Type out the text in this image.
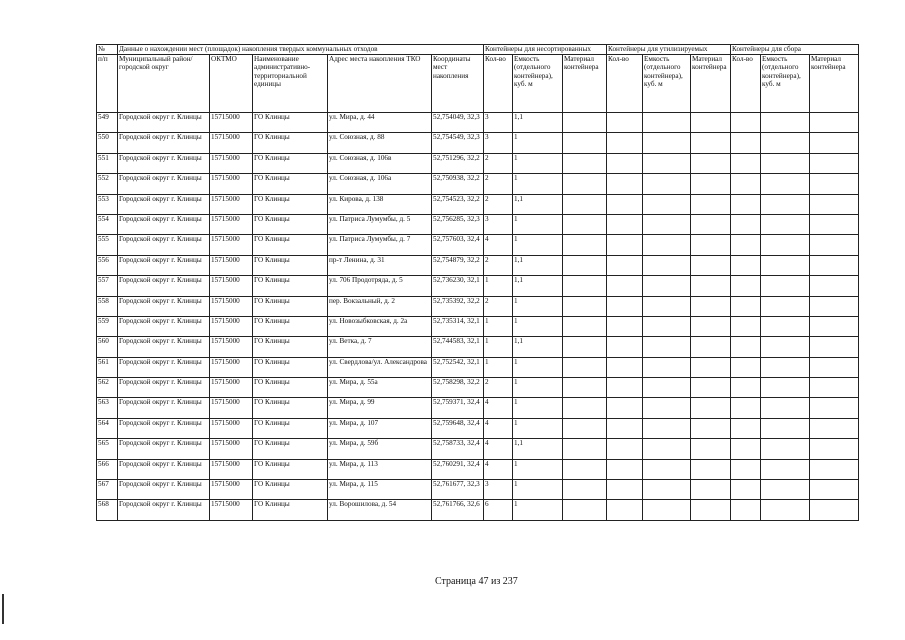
№	Данные о нахождении мест (площадок) накопления твердых коммунальных отходов					Контейнеры для несортированных			Контейнеры для утилизируемых			Контейнеры для сбора		
п/п	Муниципальный район/городской округ	ОКТМО	Наименование административно-территориальной единицы	Адрес места накопления ТКО	Координаты мест накопления	Кол-во	Емкость (отдельного контейнера), куб. м	Материал контейнера	Кол-во	Емкость (отдельного контейнера), куб. м	Материал контейнера	Кол-во	Емкость (отдельного контейнера), куб. м	Материал контейнера
549	Городской округ г. Клинцы	15715000	ГО Клинцы	ул. Мира, д. 44	52,754049, 32,3	3	1,1							
550	Городской округ г. Клинцы	15715000	ГО Клинцы	ул. Союзная, д. 88	52,754549, 32,3	3	1							
551	Городской округ г. Клинцы	15715000	ГО Клинцы	ул. Союзная, д. 106в	52,751296, 32,2	2	1							
552	Городской округ г. Клинцы	15715000	ГО Клинцы	ул. Союзная, д. 106а	52,750938, 32,2	2	1							
553	Городской округ г. Клинцы	15715000	ГО Клинцы	ул. Кирова, д. 138	52,754523, 32,2	2	1,1							
554	Городской округ г. Клинцы	15715000	ГО Клинцы	ул. Патриса Лумумбы, д. 5	52,756285, 32,3	3	1							
555	Городской округ г. Клинцы	15715000	ГО Клинцы	ул. Патриса Лумумбы, д. 7	52,757603, 32,4	4	1							
556	Городской округ г. Клинцы	15715000	ГО Клинцы	пр-т Ленина, д. 31	52,754879, 32,2	2	1,1							
557	Городской округ г. Клинцы	15715000	ГО Клинцы	ул. 706 Продотряда, д. 5	52,736230, 32,1	1	1,1							
558	Городской округ г. Клинцы	15715000	ГО Клинцы	пер. Вокзальный, д. 2	52,735392, 32,2	2	1							
559	Городской округ г. Клинцы	15715000	ГО Клинцы	ул. Новозыбковская, д. 2а	52,735314, 32,1	1	1							
560	Городской округ г. Клинцы	15715000	ГО Клинцы	ул. Ветка, д. 7	52,744583, 32,1	1	1,1							
561	Городской округ г. Клинцы	15715000	ГО Клинцы	ул. Свердлова/ул. Александрова	52,752542, 32,1	1	1							
562	Городской округ г. Клинцы	15715000	ГО Клинцы	ул. Мира, д. 55а	52,758298, 32,2	2	1							
563	Городской округ г. Клинцы	15715000	ГО Клинцы	ул. Мира, д. 99	52,759371, 32,4	4	1							
564	Городской округ г. Клинцы	15715000	ГО Клинцы	ул. Мира, д. 107	52,759648, 32,4	4	1							
565	Городской округ г. Клинцы	15715000	ГО Клинцы	ул. Мира, д. 59б	52,758733, 32,4	4	1,1							
566	Городской округ г. Клинцы	15715000	ГО Клинцы	ул. Мира, д. 113	52,760291, 32,4	4	1							
567	Городской округ г. Клинцы	15715000	ГО Клинцы	ул. Мира, д. 115	52,761677, 32,3	3	1							
568	Городской округ г. Клинцы	15715000	ГО Клинцы	ул. Ворошилова, д. 54	52,761766, 32,6	6	1							
Страница 47 из 237
